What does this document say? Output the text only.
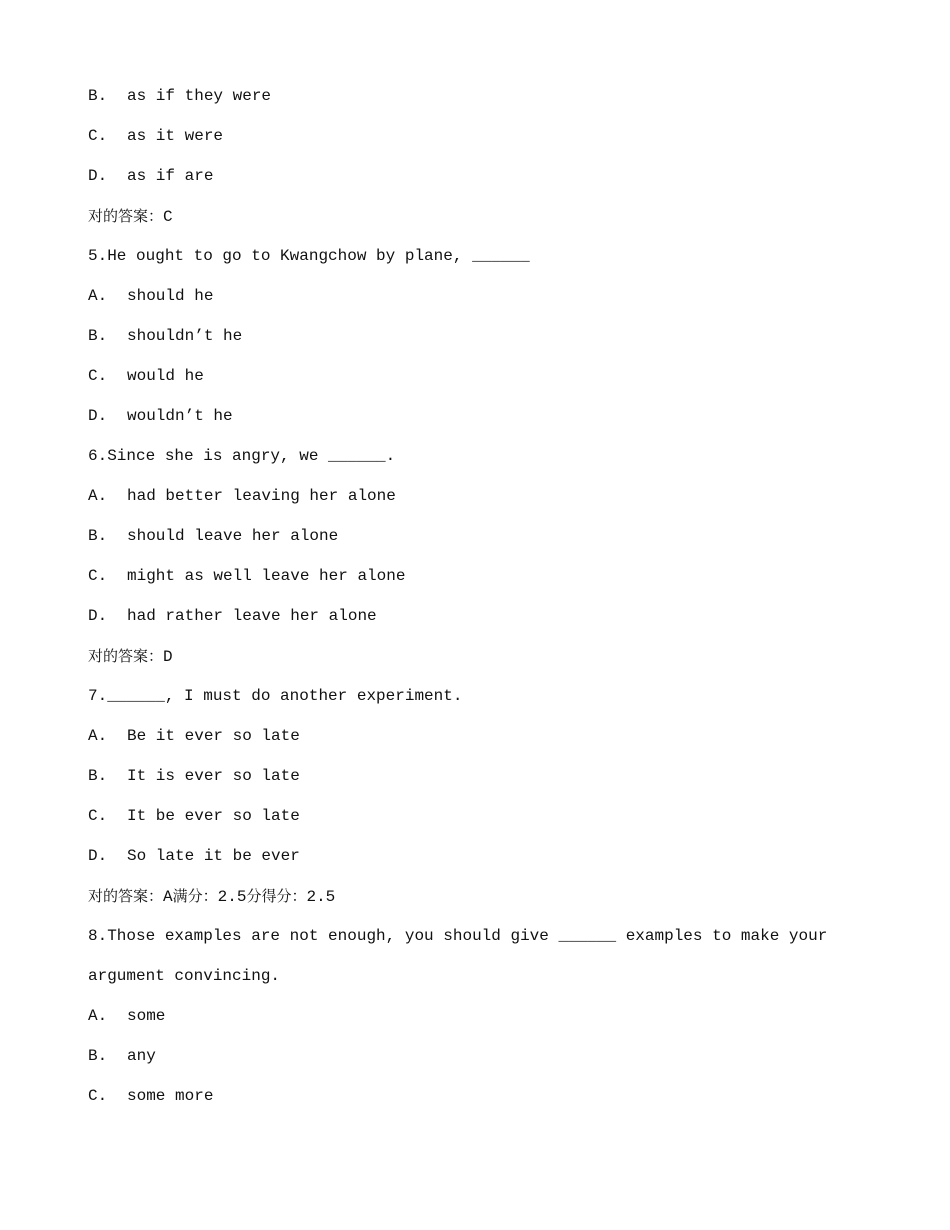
B. as if they were
C. as it were
D. as if are
对的答案：C
5.He ought to go to Kwangchow by plane, ______
A. should he
B. shouldn’t he
C. would he
D. wouldn’t he
6.Since she is angry, we ______.
A. had better leaving her alone
B. should leave her alone
C. might as well leave her alone
D. had rather leave her alone
对的答案：D
7.______, I must do another experiment.
A. Be it ever so late
B. It is ever so late
C. It be ever so late
D. So late it be ever
对的答案：A满分：2.5分得分：2.5
8.Those examples are not enough, you should give ______ examples to make your
argument convincing.
A. some
B. any
C. some more
